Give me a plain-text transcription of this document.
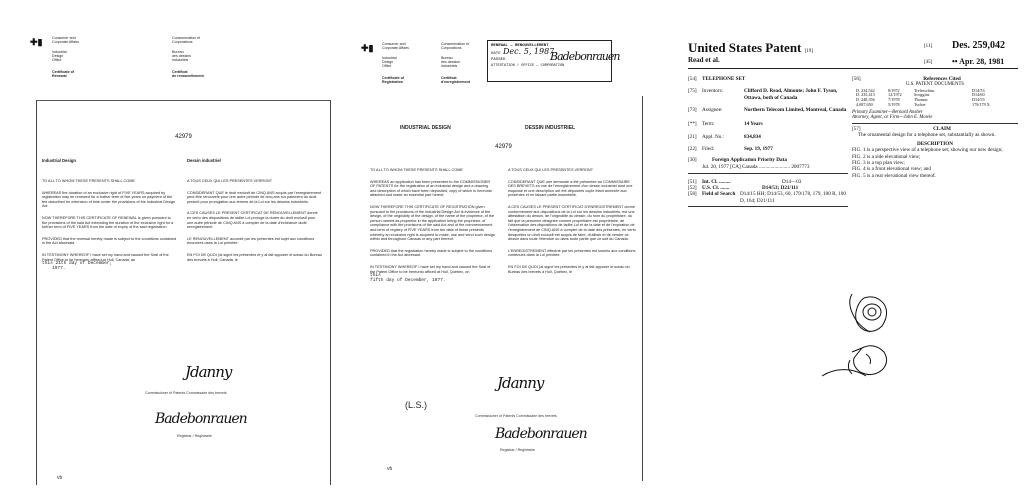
✚▮	Consumer and
Corporate Affairs
Industrial
Design
Office
Certificate of
Renewal
Consommation et
Corporations
Bureau
des dessins
industriels
Certificat
de renouvellement
42979
Industrial Design	Dessin industriel

TO ALL TO WHOM THESE PRESENTS SHALL COME

WHEREAS the duration of an exclusive right of FIVE YEARS acquired by registration may be renewed for a further term of five years on payment of the fee described for extension of time under the provisions of the Industrial Design Act.

NOW THEREFORE THIS CERTIFICATE OF RENEWAL is given pursuant to the provisions of the said Act extending the duration of the exclusive right for a further term of FIVE YEARS from the date of expiry of the said registration.

PROVIDED that the renewal hereby made is subject to the conditions contained in the Act aforesaid.

IN TESTIMONY WHEREOF I have set my hand and caused the Seal of the Patent Office to be hereunto affixed at Hull, Canada, as

this 21th day of December,
1977.

A TOUS CEUX QUI LES PRESENTES VERRONT

CONSIDERANT QUE le droit exclusif de CINQ ANS acquis par l'enregistrement peut être renouvelé pour une autre période de cinq ans sur paiement du droit prescrit pour prorogation aux termes de la Loi sur les dessins industriels.

A CES CAUSES LE PRESENT CERTIFICAT DE RENOUVELLEMENT donné en vertu des dispositions de ladite Loi proroge la durée du droit exclusif pour une autre période de CINQ ANS à compter de la date d'échéance dudit enregistrement.

LE RENOUVELLEMENT accordé par les présentes est sujet aux conditions énoncées dans la Loi précitée.

EN FOI DE QUOI j'ai signé les présentes et y ai fait apposer le sceau du Bureau des brevets à Hull, Canada, le

Jdanny
Commissioner of Patents Commissaire des brevets
Badebonrauen
Registrar / Registraire
vb
✚▮ Consumer and
Corporate Affairs
Industrial
Design
Office
Certificate of
Registration
Consommation et
Corporations
Bureau
des dessins
industriels
Certificat
d'enregistrement
RENEWAL — RENOUVELLEMENT
DATE Dec. 5, 1987
PASSED
ATTESTATION / OFFICE — CORPORATION
Badebonrauen
INDUSTRIAL DESIGN	DESSIN INDUSTRIEL
42979

TO ALL TO WHOM THESE PRESENTS SHALL COME

WHEREAS an application has been presented to the COMMISSIONER OF PATENTS for the registration of an industrial design and a drawing and description of which have been deposited, copy of which is hereunto attached and made an essential part hereof.

NOW THEREFORE THIS CERTIFICATE OF REGISTRATION given pursuant to the provisions of the Industrial Design Act is evidence of the design, of the originality of the design, of the name of the proprietor, of the person named as proprietor in the application being the proprietor, of compliance with the provisions of the said Act and of the commencement and term of registry of FIVE YEARS from the date of these presents whereby an exclusive right is acquired to make, use and vend such design within and throughout Canada or any part thereof.

PROVIDED that the registration hereby made is subject to the conditions contained in the Act aforesaid.

IN TESTIMONY WHEREOF I have set my hand and caused the Seal of the Patent Office to be hereunto affixed at Hull, Quebec, on

this
fifth day of December, 1977.

A TOUS CEUX QUI LES PRESENTES VERRONT

CONSIDERANT QUE une demande a été présentée au COMMISSAIRE DES BREVETS en vue de l'enregistrement d'un dessin industriel dont une esquisse et une description ont été déposées copie étant annexée aux présentes et en faisant partie essentielle.

A CES CAUSES LE PRESENT CERTIFICAT D'ENREGISTREMENT donné conformément aux dispositions de la Loi sur les dessins industriels, est une attestation du dessin, de l'originalité du dessin, du nom du propriétaire, du fait que la personne désignée comme propriétaire est propriétaire, de l'observation des dispositions de ladite Loi et de la date et de l'expiration de l'enregistrement de CINQ ANS à compter de la date des présentes, en vertu desquelles un droit exclusif est acquis de faire, d'utiliser et de vendre ce dessin dans toute l'étendue ou dans toute partie que ce soit du Canada.

L'ENREGISTREMENT effectué par les présentes est soumis aux conditions contenues dans la Loi précitée.

EN FOI DE QUOI j'ai signé les présentes et y ai fait apposer le sceau du Bureau des brevets à Hull, Québec, le

Jdanny
Commissioner of Patents Commissaire des brevets
(L.S.)
Badebonrauen
Registrar / Registraire
vb
United States Patent [19]
Read et al.
[11] Des. 259,042
[45] •• Apr. 28, 1981
[54] TELEPHONE SET
[75]	Inventors:	Clifford D. Read, Almonte; John F. Tyson, Ottawa, both of Canada
[73]	Assignee:	Northern Telecom Limited, Montreal, Canada
[**]	Term:	14 Years
[21]	Appl. No.:	834,834
[22]	Filed:	Sep. 19, 1977
[30]	Foreign Application Priority Data
Jul. 20, 1977 [CA] Canada ........................ 2007773
[51]	Int. Cl. .........	D14—03
[52]	U.S. Cl. .......	D14/53; D21/111
[58]	Field of Search D14/15 HH; D14/53, 60, 179/178, 179, 100 R, 100 D, 164; D21/111
[56]	References Cited
U.S. PATENT DOCUMENTS
D. 234,542	8/1972	Trelerschiac	D14/53
D. 235,413	12/1972	Scoggins	D14/60
D. 248,356	7/1978	Thomas	D14/53
4,087,650	5/1978	Tucker	179/179 X
Primary Examiner—Bernard Ansher
Attorney, Agent, or Firm—John E. Mowle
[57]	CLAIM
The ornamental design for a telephone set, substantially as shown.
DESCRIPTION
FIG. 1 is a perspective view of a telephone set; showing our new design;
FIG. 2 is a side elevational view;
FIG. 3 is a top plan view;
FIG. 4 is a front elevational view; and
FIG. 5 is a rear elevational view thereof.
